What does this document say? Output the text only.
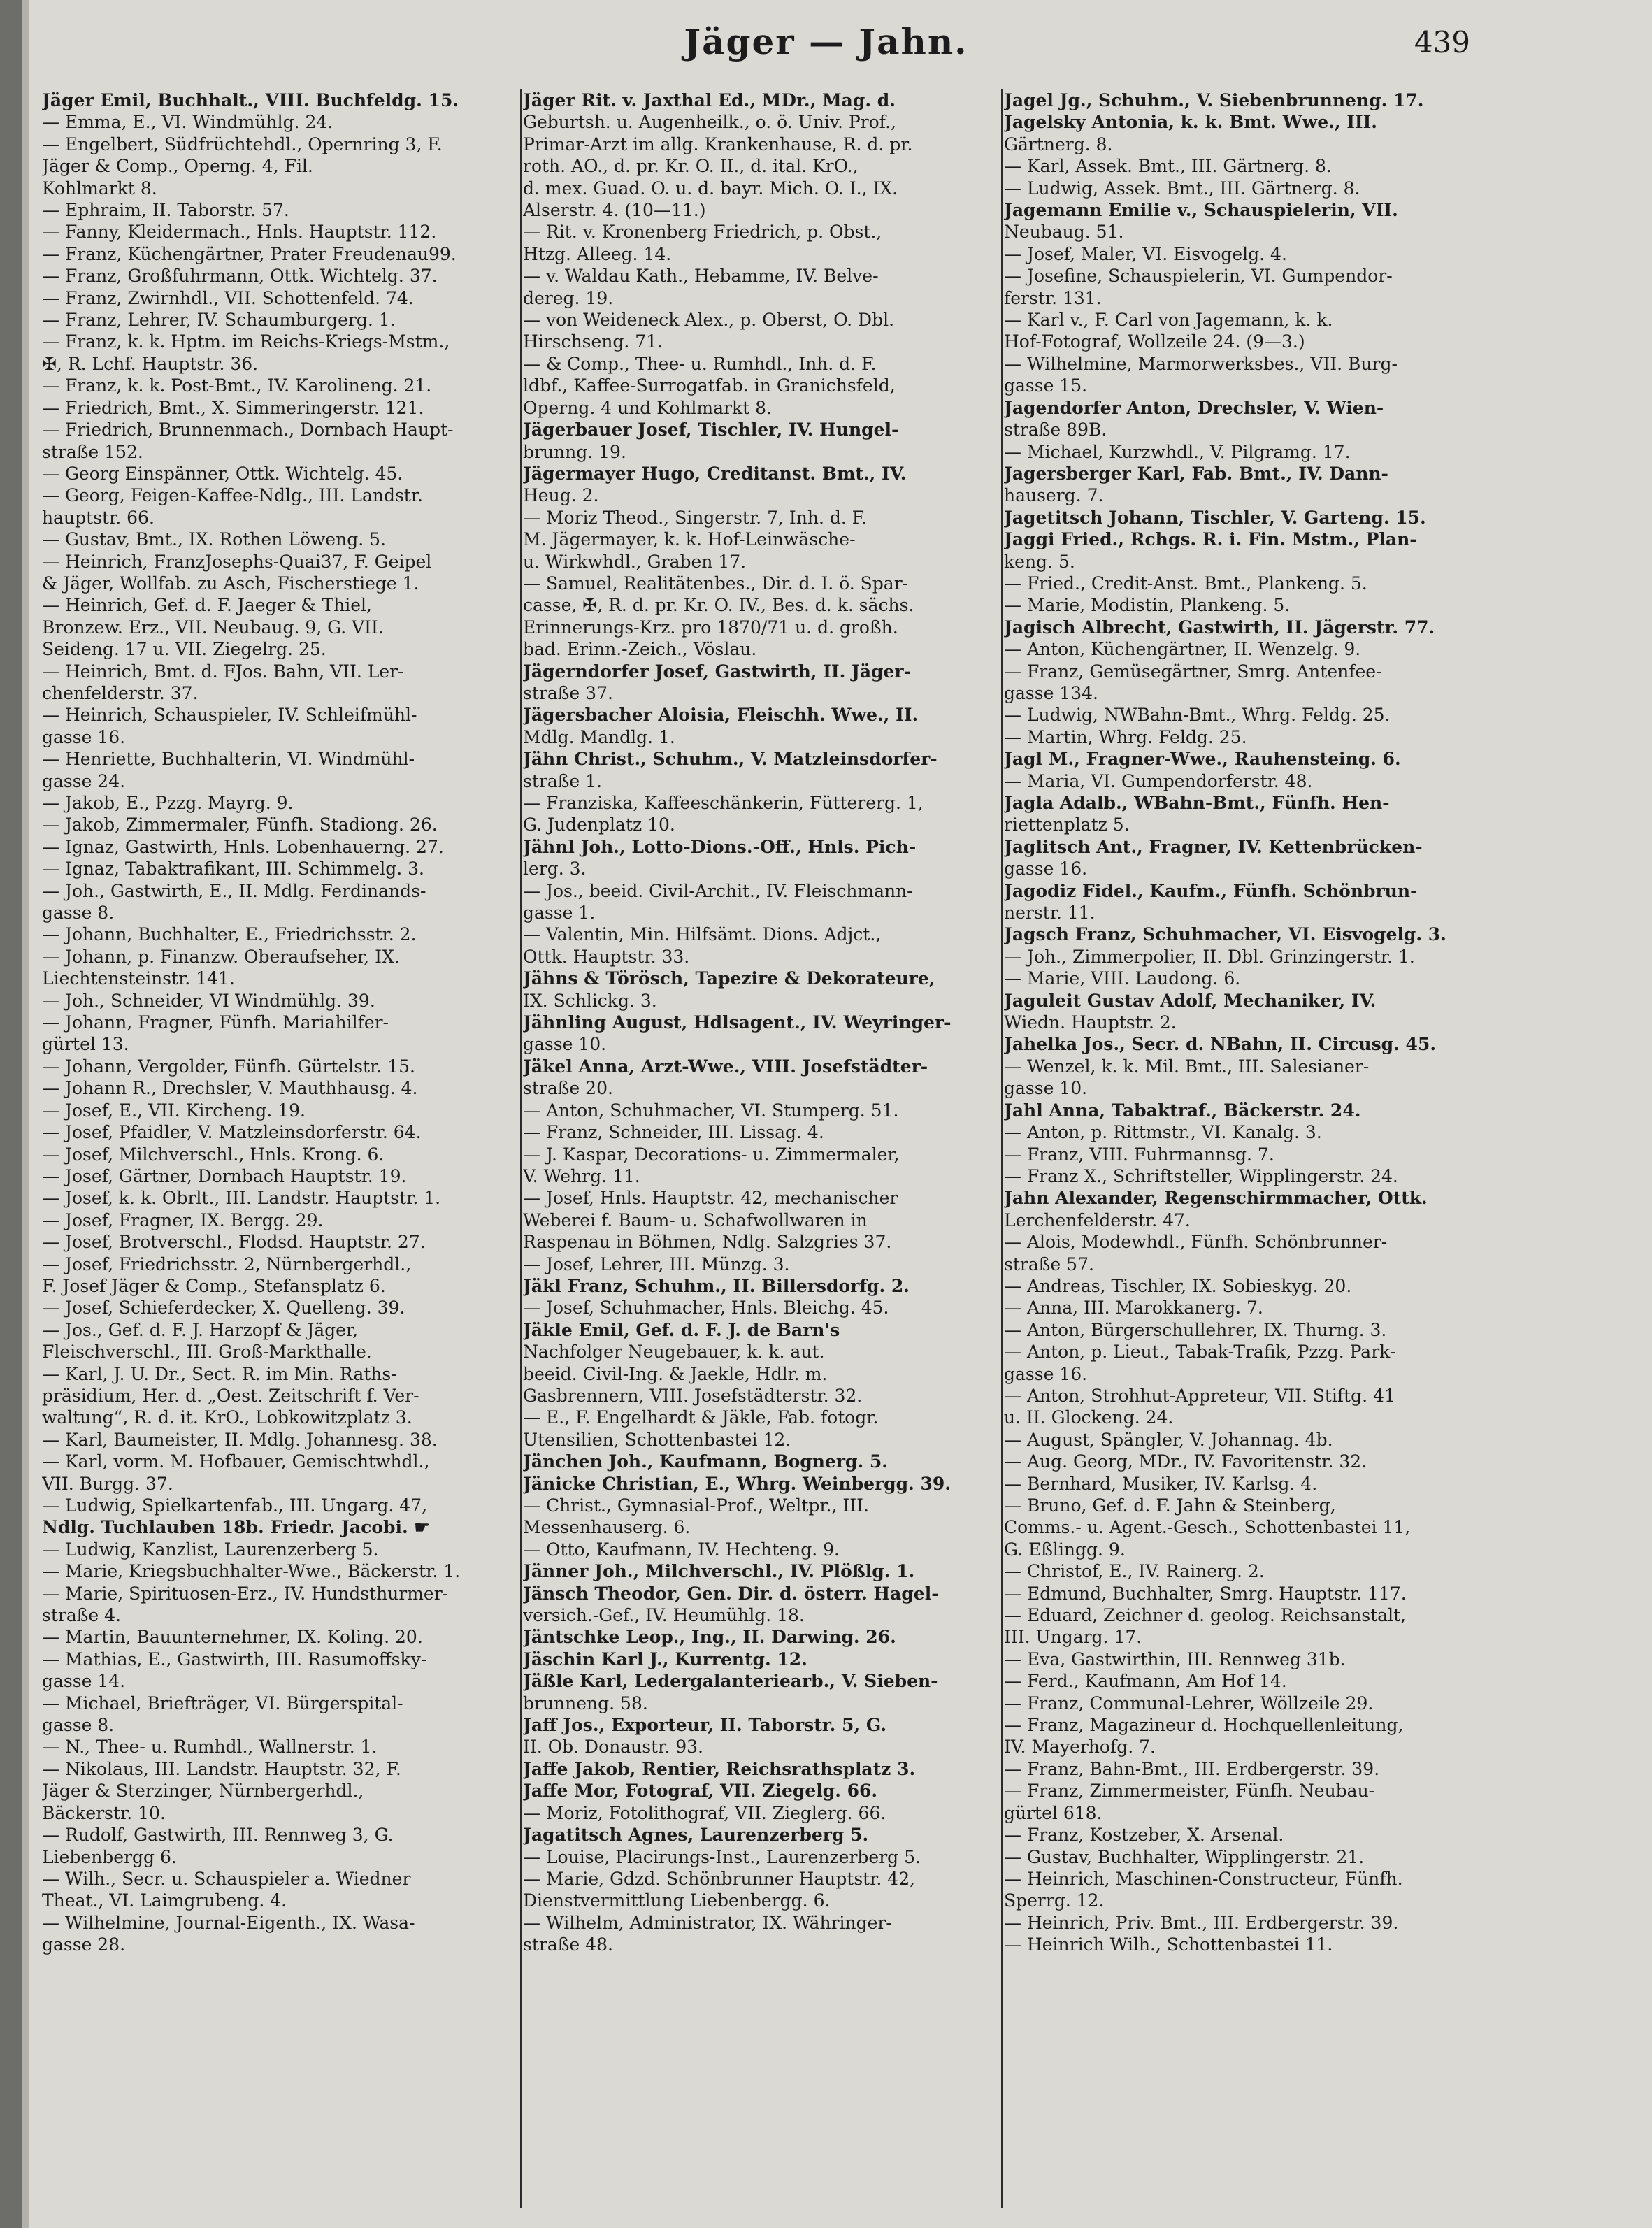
Jäger — Jahn.	439
Jäger Emil, Buchhalt., VIII. Buchfeldg. 15.
— Emma, E., VI. Windmühlg. 24.
— Engelbert, Südfrüchtehdl., Opernring 3, F.
Jäger & Comp., Operng. 4, Fil.
Kohlmarkt 8.
— Ephraim, II. Taborstr. 57.
— Fanny, Kleidermach., Hnls. Hauptstr. 112.
— Franz, Küchengärtner, Prater Freudenau99.
— Franz, Großfuhrmann, Ottk. Wichtelg. 37.
— Franz, Zwirnhdl., VII. Schottenfeld. 74.
— Franz, Lehrer, IV. Schaumburgerg. 1.
— Franz, k. k. Hptm. im Reichs-Kriegs-Mstm.,
✠, R. Lchf. Hauptstr. 36.
— Franz, k. k. Post-Bmt., IV. Karolineng. 21.
— Friedrich, Bmt., X. Simmeringerstr. 121.
— Friedrich, Brunnenmach., Dornbach Haupt-
straße 152.
— Georg Einspänner, Ottk. Wichtelg. 45.
— Georg, Feigen-Kaffee-Ndlg., III. Landstr.
hauptstr. 66.
— Gustav, Bmt., IX. Rothen Löweng. 5.
— Heinrich, FranzJosephs-Quai37, F. Geipel
& Jäger, Wollfab. zu Asch, Fischerstiege 1.
— Heinrich, Gef. d. F. Jaeger & Thiel,
Bronzew. Erz., VII. Neubaug. 9, G. VII.
Seideng. 17 u. VII. Ziegelrg. 25.
— Heinrich, Bmt. d. FJos. Bahn, VII. Ler-
chenfelderstr. 37.
— Heinrich, Schauspieler, IV. Schleifmühl-
gasse 16.
— Henriette, Buchhalterin, VI. Windmühl-
gasse 24.
— Jakob, E., Pzzg. Mayrg. 9.
— Jakob, Zimmermaler, Fünfh. Stadiong. 26.
— Ignaz, Gastwirth, Hnls. Lobenhauerng. 27.
— Ignaz, Tabaktrafikant, III. Schimmelg. 3.
— Joh., Gastwirth, E., II. Mdlg. Ferdinands-
gasse 8.
— Johann, Buchhalter, E., Friedrichsstr. 2.
— Johann, p. Finanzw. Oberaufseher, IX.
Liechtensteinstr. 141.
— Joh., Schneider, VI Windmühlg. 39.
— Johann, Fragner, Fünfh. Mariahilfer-
gürtel 13.
— Johann, Vergolder, Fünfh. Gürtelstr. 15.
— Johann R., Drechsler, V. Mauthhausg. 4.
— Josef, E., VII. Kircheng. 19.
— Josef, Pfaidler, V. Matzleinsdorferstr. 64.
— Josef, Milchverschl., Hnls. Krong. 6.
— Josef, Gärtner, Dornbach Hauptstr. 19.
— Josef, k. k. Obrlt., III. Landstr. Hauptstr. 1.
— Josef, Fragner, IX. Bergg. 29.
— Josef, Brotverschl., Flodsd. Hauptstr. 27.
— Josef, Friedrichsstr. 2, Nürnbergerhdl.,
F. Josef Jäger & Comp., Stefansplatz 6.
— Josef, Schieferdecker, X. Quelleng. 39.
— Jos., Gef. d. F. J. Harzopf & Jäger,
Fleischverschl., III. Groß-Markthalle.
— Karl, J. U. Dr., Sect. R. im Min. Raths-
präsidium, Her. d. „Oest. Zeitschrift f. Ver-
waltung“, R. d. it. KrO., Lobkowitzplatz 3.
— Karl, Baumeister, II. Mdlg. Johannesg. 38.
— Karl, vorm. M. Hofbauer, Gemischtwhdl.,
VII. Burgg. 37.
— Ludwig, Spielkartenfab., III. Ungarg. 47,
Ndlg. Tuchlauben 18b. Friedr. Jacobi. ☛
— Ludwig, Kanzlist, Laurenzerberg 5.
— Marie, Kriegsbuchhalter-Wwe., Bäckerstr. 1.
— Marie, Spirituosen-Erz., IV. Hundsthurmer-
straße 4.
— Martin, Bauunternehmer, IX. Koling. 20.
— Mathias, E., Gastwirth, III. Rasumoffsky-
gasse 14.
— Michael, Briefträger, VI. Bürgerspital-
gasse 8.
— N., Thee- u. Rumhdl., Wallnerstr. 1.
— Nikolaus, III. Landstr. Hauptstr. 32, F.
Jäger & Sterzinger, Nürnbergerhdl.,
Bäckerstr. 10.
— Rudolf, Gastwirth, III. Rennweg 3, G.
Liebenbergg 6.
— Wilh., Secr. u. Schauspieler a. Wiedner
Theat., VI. Laimgrubeng. 4.
— Wilhelmine, Journal-Eigenth., IX. Wasa-
gasse 28.
Jäger Rit. v. Jaxthal Ed., MDr., Mag. d.
Geburtsh. u. Augenheilk., o. ö. Univ. Prof.,
Primar-Arzt im allg. Krankenhause, R. d. pr.
roth. AO., d. pr. Kr. O. II., d. ital. KrO.,
d. mex. Guad. O. u. d. bayr. Mich. O. I., IX.
Alserstr. 4. (10—11.)
— Rit. v. Kronenberg Friedrich, p. Obst.,
Htzg. Alleeg. 14.
— v. Waldau Kath., Hebamme, IV. Belve-
dereg. 19.
— von Weideneck Alex., p. Oberst, O. Dbl.
Hirschseng. 71.
— & Comp., Thee- u. Rumhdl., Inh. d. F.
ldbf., Kaffee-Surrogatfab. in Granichsfeld,
Operng. 4 und Kohlmarkt 8.
Jägerbauer Josef, Tischler, IV. Hungel-
brunng. 19.
Jägermayer Hugo, Creditanst. Bmt., IV.
Heug. 2.
— Moriz Theod., Singerstr. 7, Inh. d. F.
M. Jägermayer, k. k. Hof-Leinwäsche-
u. Wirkwhdl., Graben 17.
— Samuel, Realitätenbes., Dir. d. I. ö. Spar-
casse, ✠, R. d. pr. Kr. O. IV., Bes. d. k. sächs.
Erinnerungs-Krz. pro 1870/71 u. d. großh.
bad. Erinn.-Zeich., Vöslau.
Jägerndorfer Josef, Gastwirth, II. Jäger-
straße 37.
Jägersbacher Aloisia, Fleischh. Wwe., II.
Mdlg. Mandlg. 1.
Jähn Christ., Schuhm., V. Matzleinsdorfer-
straße 1.
— Franziska, Kaffeeschänkerin, Füttererg. 1,
G. Judenplatz 10.
Jähnl Joh., Lotto-Dions.-Off., Hnls. Pich-
lerg. 3.
— Jos., beeid. Civil-Archit., IV. Fleischmann-
gasse 1.
— Valentin, Min. Hilfsämt. Dions. Adjct.,
Ottk. Hauptstr. 33.
Jähns & Törösch, Tapezire & Dekorateure,
IX. Schlickg. 3.
Jähnling August, Hdlsagent., IV. Weyringer-
gasse 10.
Jäkel Anna, Arzt-Wwe., VIII. Josefstädter-
straße 20.
— Anton, Schuhmacher, VI. Stumperg. 51.
— Franz, Schneider, III. Lissag. 4.
— J. Kaspar, Decorations- u. Zimmermaler,
V. Wehrg. 11.
— Josef, Hnls. Hauptstr. 42, mechanischer
Weberei f. Baum- u. Schafwollwaren in
Raspenau in Böhmen, Ndlg. Salzgries 37.
— Josef, Lehrer, III. Münzg. 3.
Jäkl Franz, Schuhm., II. Billersdorfg. 2.
— Josef, Schuhmacher, Hnls. Bleichg. 45.
Jäkle Emil, Gef. d. F. J. de Barn's
Nachfolger Neugebauer, k. k. aut.
beeid. Civil-Ing. & Jaekle, Hdlr. m.
Gasbrennern, VIII. Josefstädterstr. 32.
— E., F. Engelhardt & Jäkle, Fab. fotogr.
Utensilien, Schottenbastei 12.
Jänchen Joh., Kaufmann, Bognerg. 5.
Jänicke Christian, E., Whrg. Weinbergg. 39.
— Christ., Gymnasial-Prof., Weltpr., III.
Messenhauserg. 6.
— Otto, Kaufmann, IV. Hechteng. 9.
Jänner Joh., Milchverschl., IV. Plößlg. 1.
Jänsch Theodor, Gen. Dir. d. österr. Hagel-
versich.-Gef., IV. Heumühlg. 18.
Jäntschke Leop., Ing., II. Darwing. 26.
Jäschin Karl J., Kurrentg. 12.
Jäßle Karl, Ledergalanteriearb., V. Sieben-
brunneng. 58.
Jaff Jos., Exporteur, II. Taborstr. 5, G.
II. Ob. Donaustr. 93.
Jaffe Jakob, Rentier, Reichsrathsplatz 3.
Jaffe Mor, Fotograf, VII. Ziegelg. 66.
— Moriz, Fotolithograf, VII. Zieglerg. 66.
Jagatitsch Agnes, Laurenzerberg 5.
— Louise, Placirungs-Inst., Laurenzerberg 5.
— Marie, Gdzd. Schönbrunner Hauptstr. 42,
Dienstvermittlung Liebenbergg. 6.
— Wilhelm, Administrator, IX. Währinger-
straße 48.
Jagel Jg., Schuhm., V. Siebenbrunneng. 17.
Jagelsky Antonia, k. k. Bmt. Wwe., III.
Gärtnerg. 8.
— Karl, Assek. Bmt., III. Gärtnerg. 8.
— Ludwig, Assek. Bmt., III. Gärtnerg. 8.
Jagemann Emilie v., Schauspielerin, VII.
Neubaug. 51.
— Josef, Maler, VI. Eisvogelg. 4.
— Josefine, Schauspielerin, VI. Gumpendor-
ferstr. 131.
— Karl v., F. Carl von Jagemann, k. k.
Hof-Fotograf, Wollzeile 24. (9—3.)
— Wilhelmine, Marmorwerksbes., VII. Burg-
gasse 15.
Jagendorfer Anton, Drechsler, V. Wien-
straße 89B.
— Michael, Kurzwhdl., V. Pilgramg. 17.
Jagersberger Karl, Fab. Bmt., IV. Dann-
hauserg. 7.
Jagetitsch Johann, Tischler, V. Garteng. 15.
Jaggi Fried., Rchgs. R. i. Fin. Mstm., Plan-
keng. 5.
— Fried., Credit-Anst. Bmt., Plankeng. 5.
— Marie, Modistin, Plankeng. 5.
Jagisch Albrecht, Gastwirth, II. Jägerstr. 77.
— Anton, Küchengärtner, II. Wenzelg. 9.
— Franz, Gemüsegärtner, Smrg. Antenfee-
gasse 134.
— Ludwig, NWBahn-Bmt., Whrg. Feldg. 25.
— Martin, Whrg. Feldg. 25.
Jagl M., Fragner-Wwe., Rauhensteing. 6.
— Maria, VI. Gumpendorferstr. 48.
Jagla Adalb., WBahn-Bmt., Fünfh. Hen-
riettenplatz 5.
Jaglitsch Ant., Fragner, IV. Kettenbrücken-
gasse 16.
Jagodiz Fidel., Kaufm., Fünfh. Schönbrun-
nerstr. 11.
Jagsch Franz, Schuhmacher, VI. Eisvogelg. 3.
— Joh., Zimmerpolier, II. Dbl. Grinzingerstr. 1.
— Marie, VIII. Laudong. 6.
Jaguleit Gustav Adolf, Mechaniker, IV.
Wiedn. Hauptstr. 2.
Jahelka Jos., Secr. d. NBahn, II. Circusg. 45.
— Wenzel, k. k. Mil. Bmt., III. Salesianer-
gasse 10.
Jahl Anna, Tabaktraf., Bäckerstr. 24.
— Anton, p. Rittmstr., VI. Kanalg. 3.
— Franz, VIII. Fuhrmannsg. 7.
— Franz X., Schriftsteller, Wipplingerstr. 24.
Jahn Alexander, Regenschirmmacher, Ottk.
Lerchenfelderstr. 47.
— Alois, Modewhdl., Fünfh. Schönbrunner-
straße 57.
— Andreas, Tischler, IX. Sobieskyg. 20.
— Anna, III. Marokkanerg. 7.
— Anton, Bürgerschullehrer, IX. Thurng. 3.
— Anton, p. Lieut., Tabak-Trafik, Pzzg. Park-
gasse 16.
— Anton, Strohhut-Appreteur, VII. Stiftg. 41
u. II. Glockeng. 24.
— August, Spängler, V. Johannag. 4b.
— Aug. Georg, MDr., IV. Favoritenstr. 32.
— Bernhard, Musiker, IV. Karlsg. 4.
— Bruno, Gef. d. F. Jahn & Steinberg,
Comms.- u. Agent.-Gesch., Schottenbastei 11,
G. Eßlingg. 9.
— Christof, E., IV. Rainerg. 2.
— Edmund, Buchhalter, Smrg. Hauptstr. 117.
— Eduard, Zeichner d. geolog. Reichsanstalt,
III. Ungarg. 17.
— Eva, Gastwirthin, III. Rennweg 31b.
— Ferd., Kaufmann, Am Hof 14.
— Franz, Communal-Lehrer, Wöllzeile 29.
— Franz, Magazineur d. Hochquellenleitung,
IV. Mayerhofg. 7.
— Franz, Bahn-Bmt., III. Erdbergerstr. 39.
— Franz, Zimmermeister, Fünfh. Neubau-
gürtel 618.
— Franz, Kostzeber, X. Arsenal.
— Gustav, Buchhalter, Wipplingerstr. 21.
— Heinrich, Maschinen-Constructeur, Fünfh.
Sperrg. 12.
— Heinrich, Priv. Bmt., III. Erdbergerstr. 39.
— Heinrich Wilh., Schottenbastei 11.
